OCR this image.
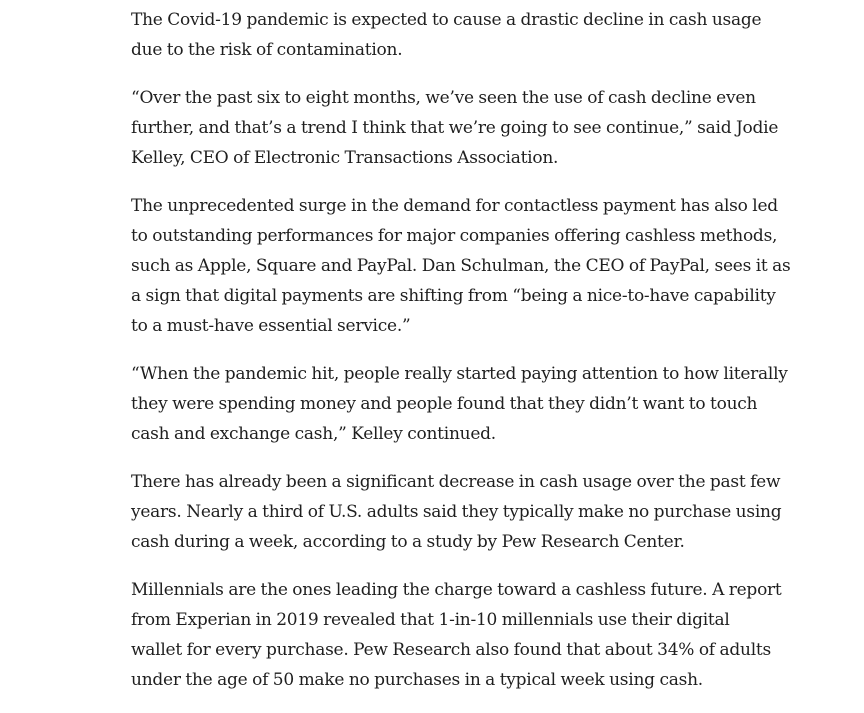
The Covid-19 pandemic is expected to cause a drastic decline in cash usage
due to the risk of contamination.

“Over the past six to eight months, we’ve seen the use of cash decline even
further, and that’s a trend I think that we’re going to see continue,” said Jodie
Kelley, CEO of Electronic Transactions Association.

The unprecedented surge in the demand for contactless payment has also led
to outstanding performances for major companies offering cashless methods,
such as Apple, Square and PayPal. Dan Schulman, the CEO of PayPal, sees it as
a sign that digital payments are shifting from “being a nice-to-have capability
to a must-have essential service.”

“When the pandemic hit, people really started paying attention to how literally
they were spending money and people found that they didn’t want to touch
cash and exchange cash,” Kelley continued.

There has already been a significant decrease in cash usage over the past few
years. Nearly a third of U.S. adults said they typically make no purchase using
cash during a week, according to a study by Pew Research Center.

Millennials are the ones leading the charge toward a cashless future. A report
from Experian in 2019 revealed that 1-in-10 millennials use their digital
wallet for every purchase. Pew Research also found that about 34% of adults
under the age of 50 make no purchases in a typical week using cash.
